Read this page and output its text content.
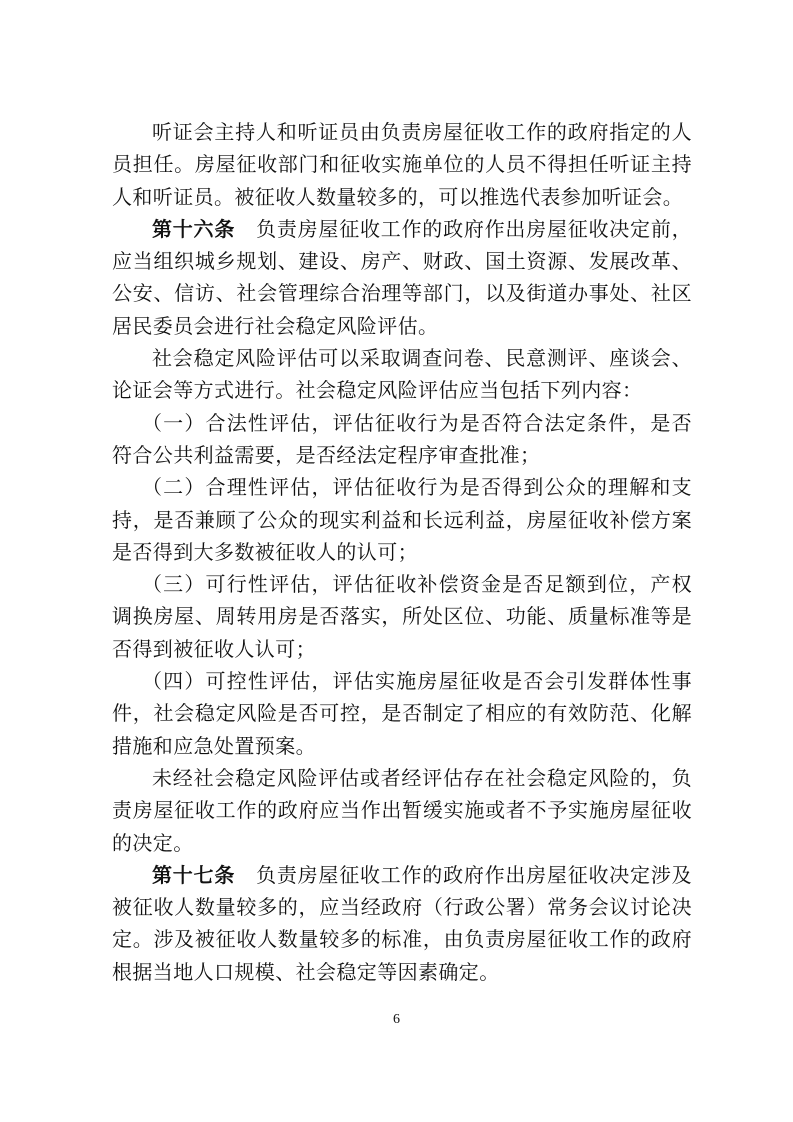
听证会主持人和听证员由负责房屋征收工作的政府指定的人员担任。房屋征收部门和征收实施单位的人员不得担任听证主持人和听证员。被征收人数量较多的，可以推选代表参加听证会。

第十六条 负责房屋征收工作的政府作出房屋征收决定前，应当组织城乡规划、建设、房产、财政、国土资源、发展改革、公安、信访、社会管理综合治理等部门，以及街道办事处、社区居民委员会进行社会稳定风险评估。

社会稳定风险评估可以采取调查问卷、民意测评、座谈会、论证会等方式进行。社会稳定风险评估应当包括下列内容：

（一）合法性评估，评估征收行为是否符合法定条件，是否符合公共利益需要，是否经法定程序审查批准；

（二）合理性评估，评估征收行为是否得到公众的理解和支持，是否兼顾了公众的现实利益和长远利益，房屋征收补偿方案是否得到大多数被征收人的认可；

（三）可行性评估，评估征收补偿资金是否足额到位，产权调换房屋、周转用房是否落实，所处区位、功能、质量标准等是否得到被征收人认可；

（四）可控性评估，评估实施房屋征收是否会引发群体性事件，社会稳定风险是否可控，是否制定了相应的有效防范、化解措施和应急处置预案。

未经社会稳定风险评估或者经评估存在社会稳定风险的，负责房屋征收工作的政府应当作出暂缓实施或者不予实施房屋征收的决定。

第十七条 负责房屋征收工作的政府作出房屋征收决定涉及被征收人数量较多的，应当经政府（行政公署）常务会议讨论决定。涉及被征收人数量较多的标准，由负责房屋征收工作的政府根据当地人口规模、社会稳定等因素确定。

6
